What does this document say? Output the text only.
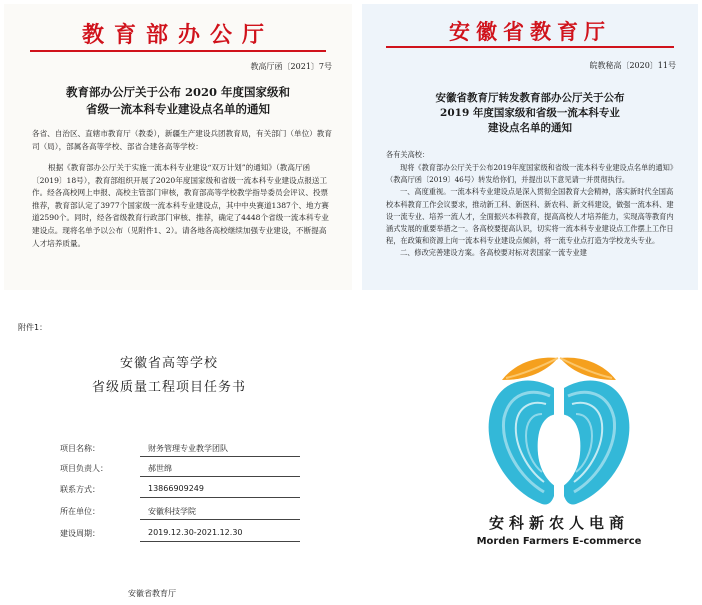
教育部办公厅
教高厅函〔2021〕7号
教育部办公厅关于公布 2020 年度国家级和
省级一流本科专业建设点名单的通知
各省、自治区、直辖市教育厅（教委），新疆生产建设兵团教育局，有关部门（单位）教育司（局），部属各高等学校、部省合建各高等学校：
根据《教育部办公厅关于实施一流本科专业建设“双万计划”的通知》（教高厅函〔2019〕18号），教育部组织开展了2020年度国家级和省级一流本科专业建设点报送工作。经各高校网上申报、高校主管部门审核，教育部高等学校教学指导委员会评议、投票推荐，教育部认定了3977个国家级一流本科专业建设点，其中中央赛道1387个、地方赛道2590个。同时，经各省级教育行政部门审核、推荐，确定了4448个省级一流本科专业建设点。现将名单予以公布（见附件1、2）。请各地各高校继续加强专业建设，不断提高人才培养质量。
安徽省教育厅
皖教秘高〔2020〕11号
安徽省教育厅转发教育部办公厅关于公布
2019 年度国家级和省级一流本科专业
建设点名单的通知
各有关高校：

现将《教育部办公厅关于公布2019年度国家级和省级一流本科专业建设点名单的通知》（教高厅函〔2019〕46号）转发给你们，并提出以下意见请一并贯彻执行。

一、高度重视。一流本科专业建设点是深入贯彻全国教育大会精神，落实新时代全国高校本科教育工作会议要求，推动新工科、新医科、新农科、新文科建设，做强一流本科、建设一流专业、培养一流人才，全面振兴本科教育，提高高校人才培养能力，实现高等教育内涵式发展的重要举措之一。各高校要提高认识，切实将一流本科专业建设点工作摆上工作日程，在政策和资源上向一流本科专业建设点倾斜，将一流专业点打造为学校龙头专业。

二、修改完善建设方案。各高校要对标对表国家一流专业建

附件1：
安徽省高等学校
省级质量工程项目任务书
项目名称：	财务管理专业教学团队
项目负责人：	郝世绵
联系方式：	13866909249
所在单位：	安徽科技学院
建设周期：	2019.12.30-2021.12.30
安徽省教育厅
安科新农人电商
Morden Farmers E-commerce
